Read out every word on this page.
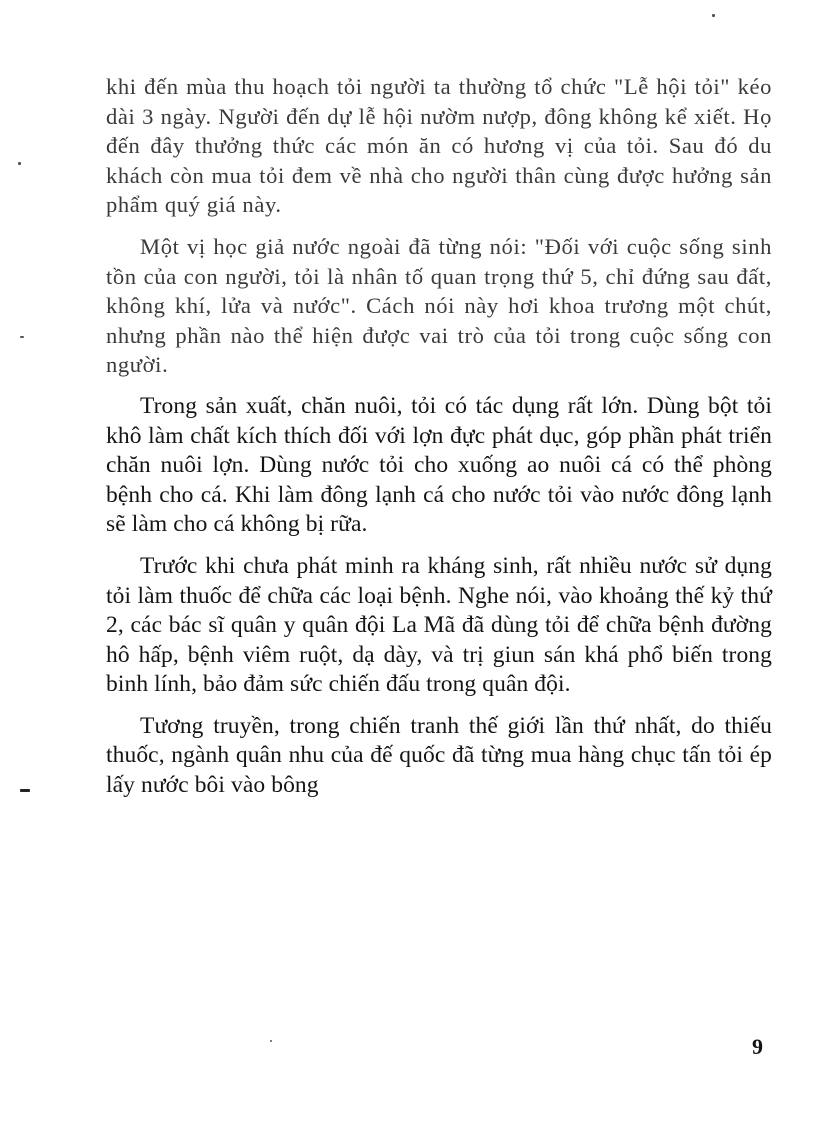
khi đến mùa thu hoạch tỏi người ta thường tổ chức "Lễ hội tỏi" kéo dài 3 ngày. Người đến dự lễ hội nườm nượp, đông không kể xiết. Họ đến đây thưởng thức các món ăn có hương vị của tỏi. Sau đó du khách còn mua tỏi đem về nhà cho người thân cùng được hưởng sản phẩm quý giá này.

Một vị học giả nước ngoài đã từng nói: "Đối với cuộc sống sinh tồn của con người, tỏi là nhân tố quan trọng thứ 5, chỉ đứng sau đất, không khí, lửa và nước". Cách nói này hơi khoa trương một chút, nhưng phần nào thể hiện được vai trò của tỏi trong cuộc sống con người.

Trong sản xuất, chăn nuôi, tỏi có tác dụng rất lớn. Dùng bột tỏi khô làm chất kích thích đối với lợn đực phát dục, góp phần phát triển chăn nuôi lợn. Dùng nước tỏi cho xuống ao nuôi cá có thể phòng bệnh cho cá. Khi làm đông lạnh cá cho nước tỏi vào nước đông lạnh sẽ làm cho cá không bị rữa.

Trước khi chưa phát minh ra kháng sinh, rất nhiều nước sử dụng tỏi làm thuốc để chữa các loại bệnh. Nghe nói, vào khoảng thế kỷ thứ 2, các bác sĩ quân y quân đội La Mã đã dùng tỏi để chữa bệnh đường hô hấp, bệnh viêm ruột, dạ dày, và trị giun sán khá phổ biến trong binh lính, bảo đảm sức chiến đấu trong quân đội.

Tương truyền, trong chiến tranh thế giới lần thứ nhất, do thiếu thuốc, ngành quân nhu của đế quốc đã từng mua hàng chục tấn tỏi ép lấy nước bôi vào bông

9
